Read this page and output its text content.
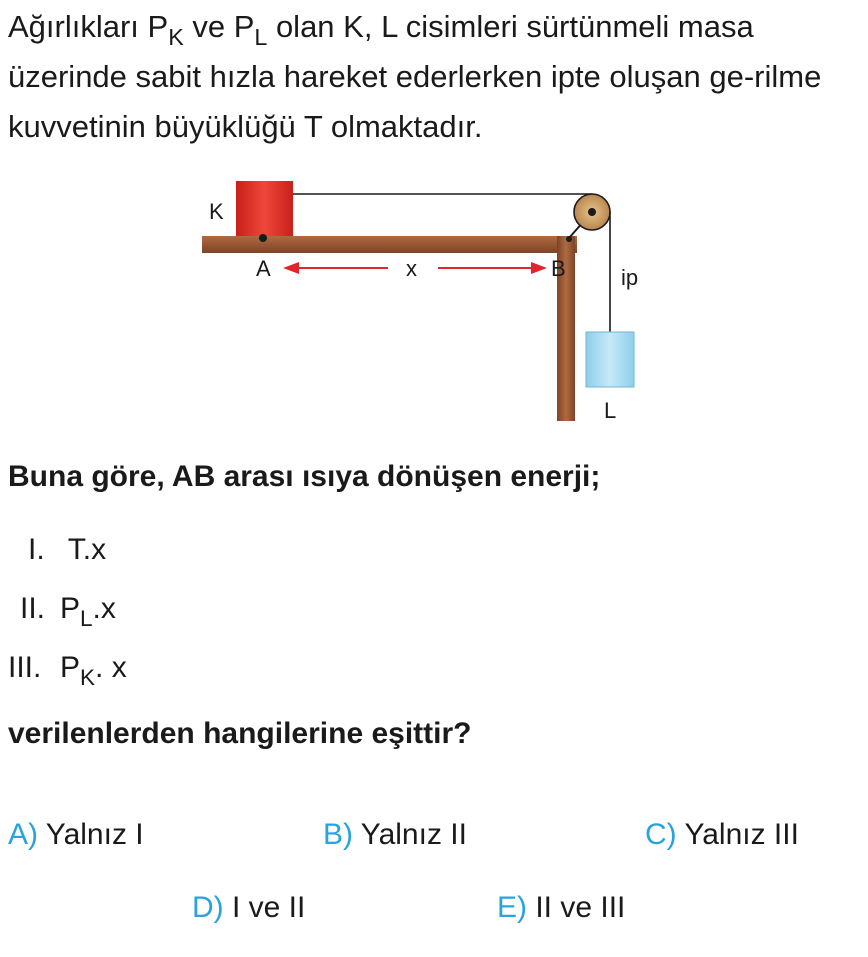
Ağırlıkları $P_K$ ve $P_L$ olan K, L cisimleri sürtünmeli masa üzerinde sabit hızla hareket ederlerken ipte oluşan ge-rilme kuvvetinin büyüklüğü T olmaktadır.

K
A	x	B	ip
L

Buna göre, AB arası ısıya dönüşen enerji;

I. T.x

II. $P_L.x$

III. $P_K$. x

verilenlerden hangilerine eşittir?

A) Yalnız I	B) Yalnız II	C) Yalnız III

D) I ve II	E) II ve III
